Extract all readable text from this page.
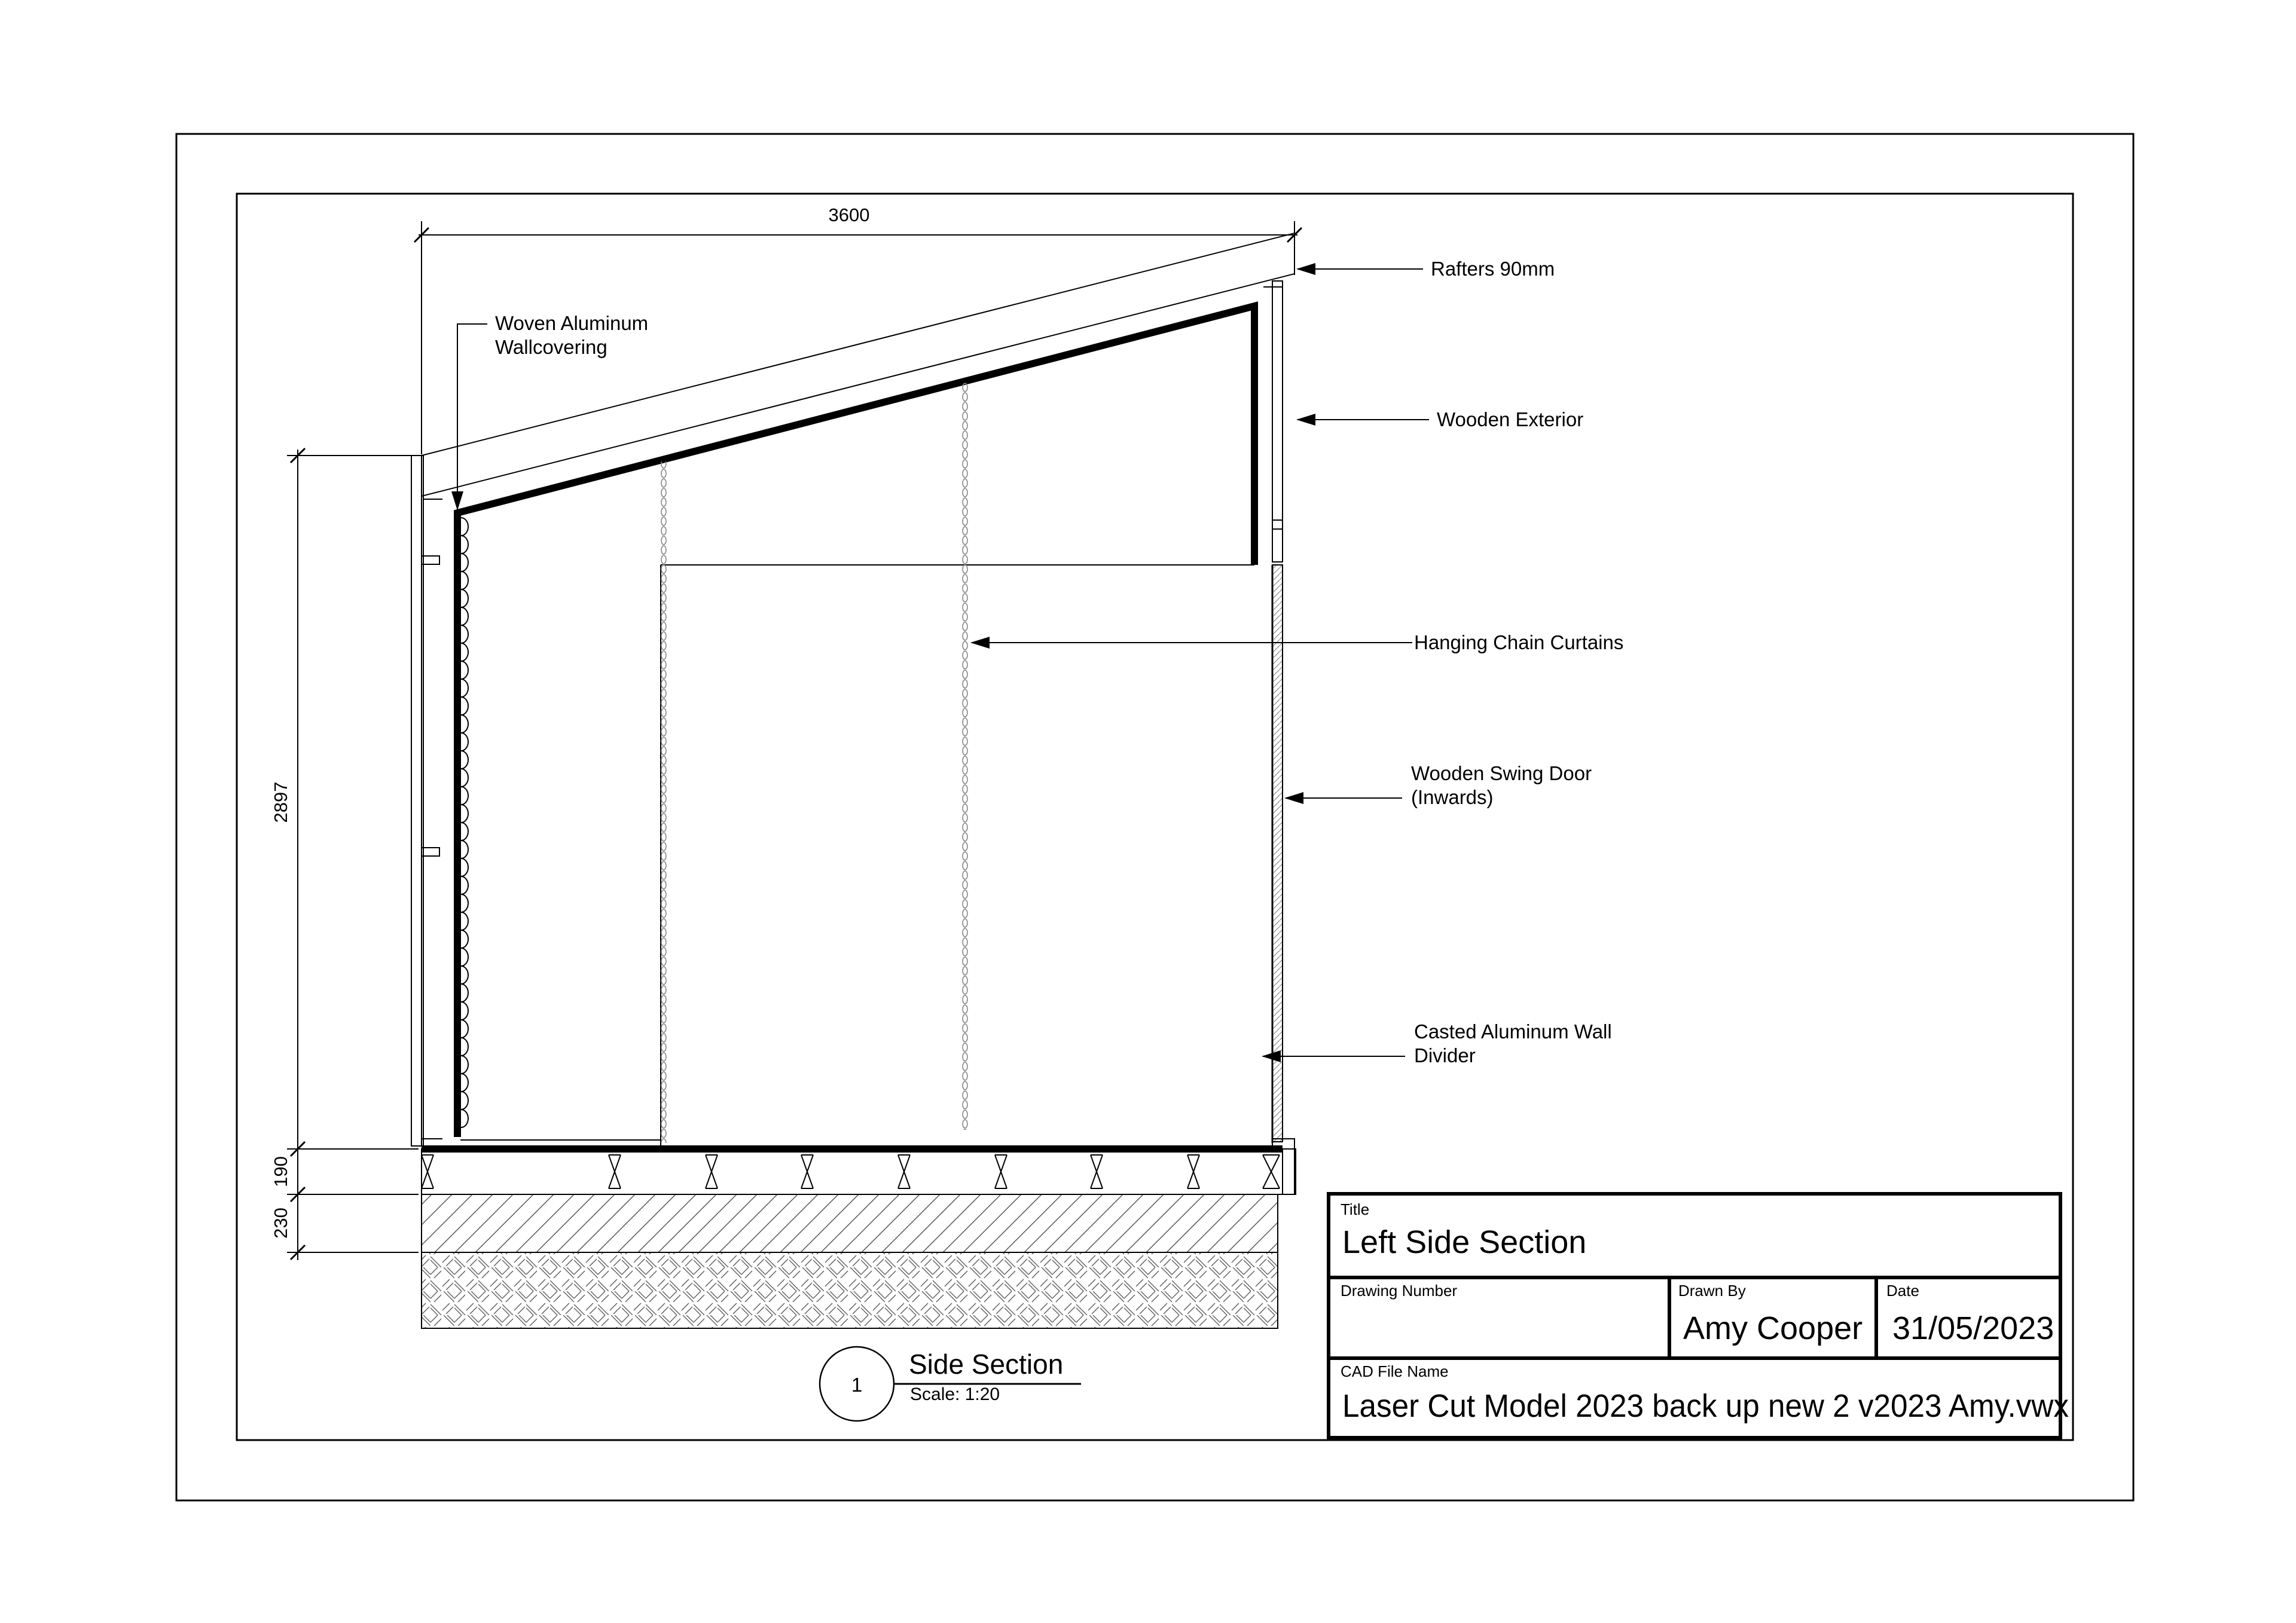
3600
2897
190
230
Rafters 90mm
Woven Aluminum
Wallcovering
Wooden Exterior
Hanging Chain Curtains
Wooden Swing Door
(Inwards)
Casted Aluminum Wall
Divider
1
Side Section
Scale: 1:20
Title
Left Side Section
Drawing Number	Drawn By
Amy Cooper
Date
31/05/2023
CAD File Name
Laser Cut Model 2023 back up new 2 v2023 Amy.vwx
